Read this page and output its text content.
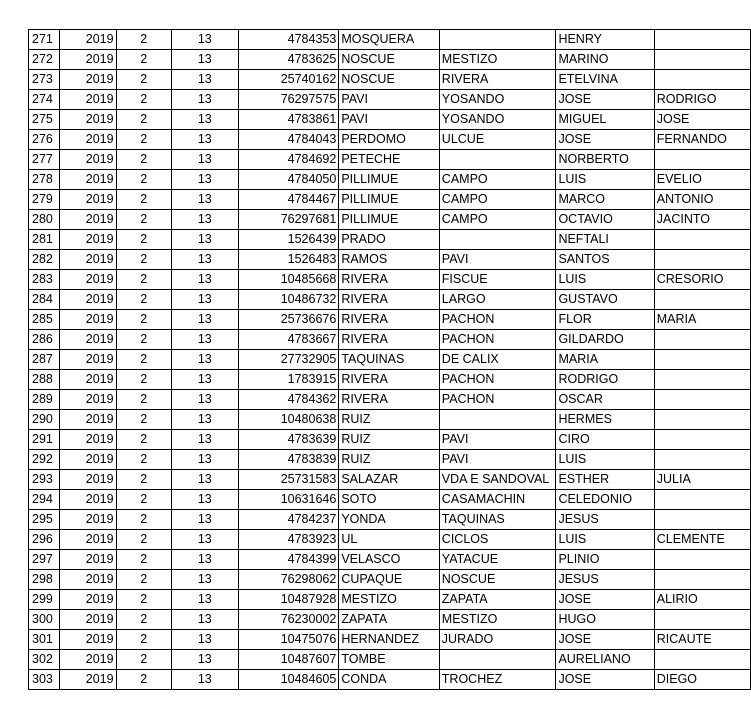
271	2019	2	13	4784353	MOSQUERA		HENRY	
272	2019	2	13	4783625	NOSCUE	MESTIZO	MARINO	
273	2019	2	13	25740162	NOSCUE	RIVERA	ETELVINA	
274	2019	2	13	76297575	PAVI	YOSANDO	JOSE	RODRIGO
275	2019	2	13	4783861	PAVI	YOSANDO	MIGUEL	JOSE
276	2019	2	13	4784043	PERDOMO	ULCUE	JOSE	FERNANDO
277	2019	2	13	4784692	PETECHE		NORBERTO	
278	2019	2	13	4784050	PILLIMUE	CAMPO	LUIS	EVELIO
279	2019	2	13	4784467	PILLIMUE	CAMPO	MARCO	ANTONIO
280	2019	2	13	76297681	PILLIMUE	CAMPO	OCTAVIO	JACINTO
281	2019	2	13	1526439	PRADO		NEFTALI	
282	2019	2	13	1526483	RAMOS	PAVI	SANTOS	
283	2019	2	13	10485668	RIVERA	FISCUE	LUIS	CRESORIO
284	2019	2	13	10486732	RIVERA	LARGO	GUSTAVO	
285	2019	2	13	25736676	RIVERA	PACHON	FLOR	MARIA
286	2019	2	13	4783667	RIVERA	PACHON	GILDARDO	
287	2019	2	13	27732905	TAQUINAS	DE CALIX	MARIA	
288	2019	2	13	1783915	RIVERA	PACHON	RODRIGO	
289	2019	2	13	4784362	RIVERA	PACHON	OSCAR	
290	2019	2	13	10480638	RUIZ		HERMES	
291	2019	2	13	4783639	RUIZ	PAVI	CIRO	
292	2019	2	13	4783839	RUIZ	PAVI	LUIS	
293	2019	2	13	25731583	SALAZAR	VDA E SANDOVAL	ESTHER	JULIA
294	2019	2	13	10631646	SOTO	CASAMACHIN	CELEDONIO	
295	2019	2	13	4784237	YONDA	TAQUINAS	JESUS	
296	2019	2	13	4783923	UL	CICLOS	LUIS	CLEMENTE
297	2019	2	13	4784399	VELASCO	YATACUE	PLINIO	
298	2019	2	13	76298062	CUPAQUE	NOSCUE	JESUS	
299	2019	2	13	10487928	MESTIZO	ZAPATA	JOSE	ALIRIO
300	2019	2	13	76230002	ZAPATA	MESTIZO	HUGO	
301	2019	2	13	10475076	HERNANDEZ	JURADO	JOSE	RICAUTE
302	2019	2	13	10487607	TOMBE		AURELIANO	
303	2019	2	13	10484605	CONDA	TROCHEZ	JOSE	DIEGO
